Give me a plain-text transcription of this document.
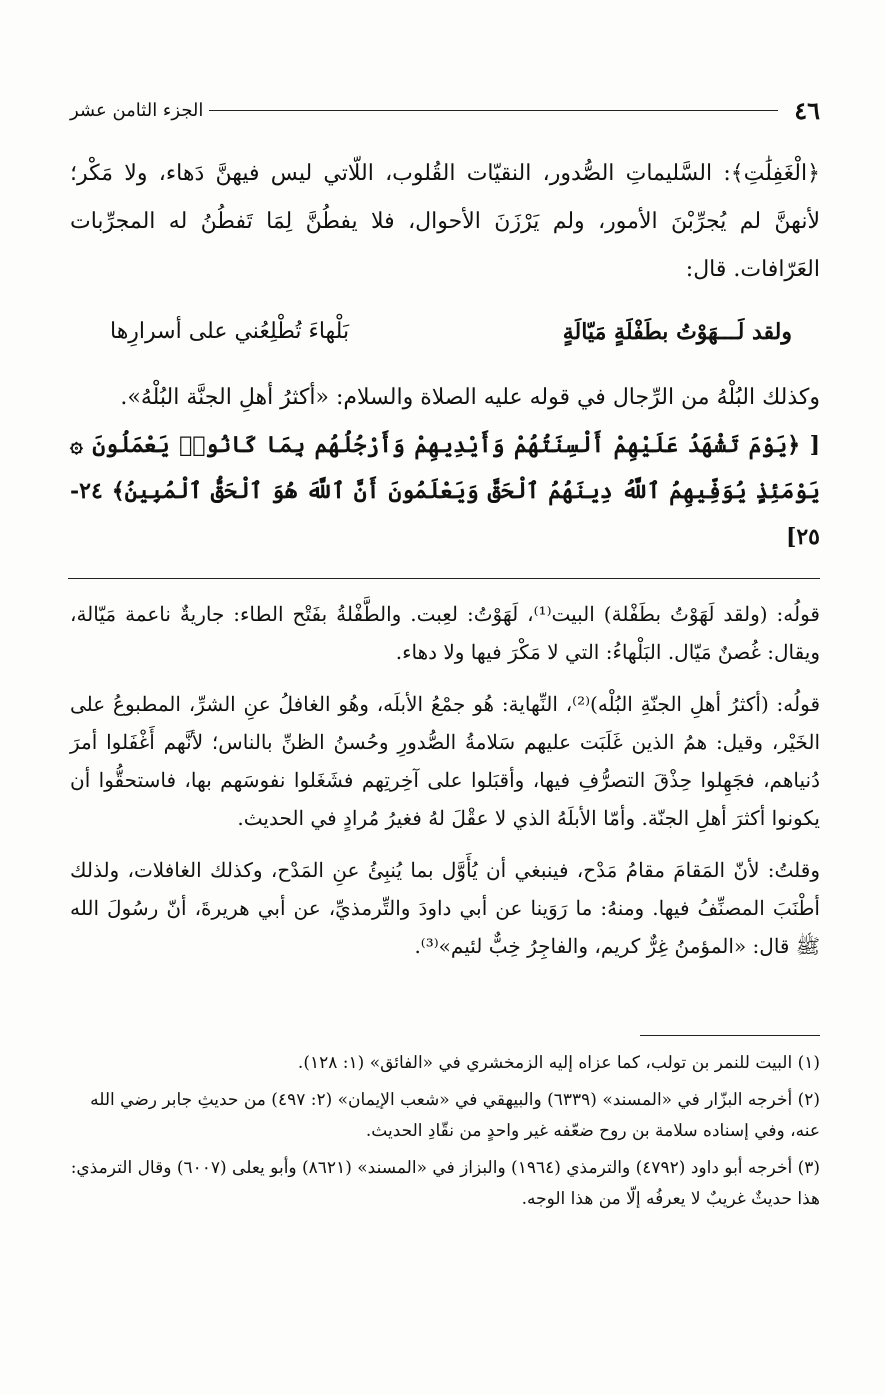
٤٦
الجزء الثامن عشر

﴿الْغَفِلَٰتِ﴾: السَّليماتِ الصُّدور، النقيّات القُلوب، اللّاتي ليس فيهنَّ دَهاء، ولا مَكْر؛ لأنهنَّ لم يُجرِّبْنَ الأمور، ولم يَرْزَنَ الأحوال، فلا يفطُنَّ لِمَا تَفطُنُ له المجرِّبات العَرّافات. قال:

ولقد لَـــهَوْتُ بطَفْلَةٍ مَيّالَةٍ
بَلْهاءَ تُطْلِعُني على أسرارِها

وكذلك البُلْهُ من الرِّجال في قوله عليه الصلاة والسلام: «أكثرُ أهلِ الجنَّة البُلْهُ».

[ ﴿يَوْمَ تَشْهَدُ عَلَيْهِمْ أَلْسِنَتُهُمْ وَأَيْدِيهِمْ وَأَرْجُلُهُم بِمَا كَانُوا۟ يَعْمَلُونَ ۞ يَوْمَئِذٍ يُوَفِّيهِمُ ٱللَّهُ دِينَهُمُ ٱلْحَقَّ وَيَعْلَمُونَ أَنَّ ٱللَّهَ هُوَ ٱلْحَقُّ ٱلْمُبِينُ﴾ ٢٤- ٢٥]

قولُه: (ولقد لَهَوْتُ بطَفْلة) البيت⁽¹⁾، لَهَوْتُ: لعِبت. والطَّفْلةُ بفَتْح الطاء: جاريةٌ ناعمة مَيّالة، ويقال: غُصنٌ مَيّال. البَلْهاءُ: التي لا مَكْرَ فيها ولا دهاء.

قولُه: (أكثرُ أهلِ الجنّةِ البُلْه)⁽²⁾، النِّهاية: هُو جمْعُ الأبلَه، وهُو الغافلُ عنِ الشرِّ، المطبوعُ على الخَيْر، وقيل: همُ الذين غَلَبَت عليهم سَلامةُ الصُّدورِ وحُسنُ الظنِّ بالناس؛ لأنَّهم أَغْفَلوا أمرَ دُنياهم، فجَهِلوا حِذْقَ التصرُّفِ فيها، وأقبَلوا على آخِرتِهم فشَغَلوا نفوسَهم بها، فاستحقُّوا أن يكونوا أكثرَ أهلِ الجنّة. وأمّا الأبلَهُ الذي لا عقْلَ لهُ فغيرُ مُرادٍ في الحديث.

وقلتُ: لأنّ المَقامَ مقامُ مَدْح، فينبغي أن يُأَوَّل بما يُنبِئُ عنِ المَدْح، وكذلك الغافلات، ولذلك أطْنَبَ المصنِّفُ فيها. ومنهُ: ما رَوَينا عن أبي داودَ والتِّرمذيِّ، عن أبي هريرةَ، أنّ رسُولَ الله ﷺ قال: «المؤمنُ غِرٌّ كريم، والفاجِرُ خِبٌّ لئيم»⁽³⁾.

(١) البيت للنمر بن تولب، كما عزاه إليه الزمخشري في «الفائق» (١: ١٢٨).

(٢) أخرجه البزّار في «المسند» (٦٣٣٩) والبيهقي في «شعب الإيمان» (٢: ٤٩٧) من حديثِ جابر رضي الله عنه، وفي إسناده سلامة بن روح ضعّفه غير واحدٍ من نقّادِ الحديث.

(٣) أخرجه أبو داود (٤٧٩٢) والترمذي (١٩٦٤) والبزاز في «المسند» (٨٦٢١) وأبو يعلى (٦٠٠٧) وقال الترمذي: هذا حديثٌ غريبٌ لا يعرفُه إلّا من هذا الوجه.
